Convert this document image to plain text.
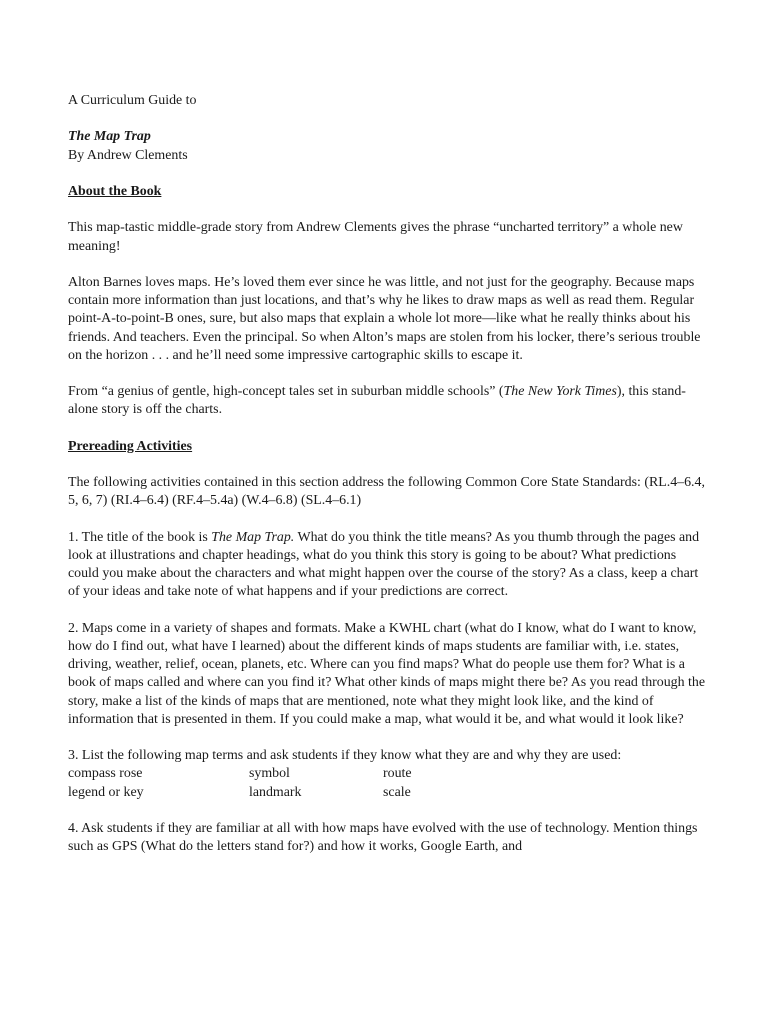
A Curriculum Guide to

The Map Trap

By Andrew Clements

About the Book

This map-tastic middle-grade story from Andrew Clements gives the phrase “uncharted territory” a whole new meaning!

Alton Barnes loves maps. He’s loved them ever since he was little, and not just for the geography. Because maps contain more information than just locations, and that’s why he likes to draw maps as well as read them. Regular point-A-to-point-B ones, sure, but also maps that explain a whole lot more—like what he really thinks about his friends. And teachers. Even the principal. So when Alton’s maps are stolen from his locker, there’s serious trouble on the horizon . . . and he’ll need some impressive cartographic skills to escape it.

From “a genius of gentle, high-concept tales set in suburban middle schools” (The New York Times), this stand-alone story is off the charts.

Prereading Activities

The following activities contained in this section address the following Common Core State Standards: (RL.4–6.4, 5, 6, 7) (RI.4–6.4) (RF.4–5.4a) (W.4–6.8) (SL.4–6.1)

1. The title of the book is The Map Trap. What do you think the title means? As you thumb through the pages and look at illustrations and chapter headings, what do you think this story is going to be about? What predictions could you make about the characters and what might happen over the course of the story? As a class, keep a chart of your ideas and take note of what happens and if your predictions are correct.

2. Maps come in a variety of shapes and formats. Make a KWHL chart (what do I know, what do I want to know, how do I find out, what have I learned) about the different kinds of maps students are familiar with, i.e. states, driving, weather, relief, ocean, planets, etc. Where can you find maps? What do people use them for? What is a book of maps called and where can you find it? What other kinds of maps might there be? As you read through the story, make a list of the kinds of maps that are mentioned, note what they might look like, and the kind of information that is presented in them. If you could make a map, what would it be, and what would it look like?

3. List the following map terms and ask students if they know what they are and why they are used:

compass rose	symbol	route
legend or key	landmark	scale

4. Ask students if they are familiar at all with how maps have evolved with the use of technology. Mention things such as GPS (What do the letters stand for?) and how it works, Google Earth, and
